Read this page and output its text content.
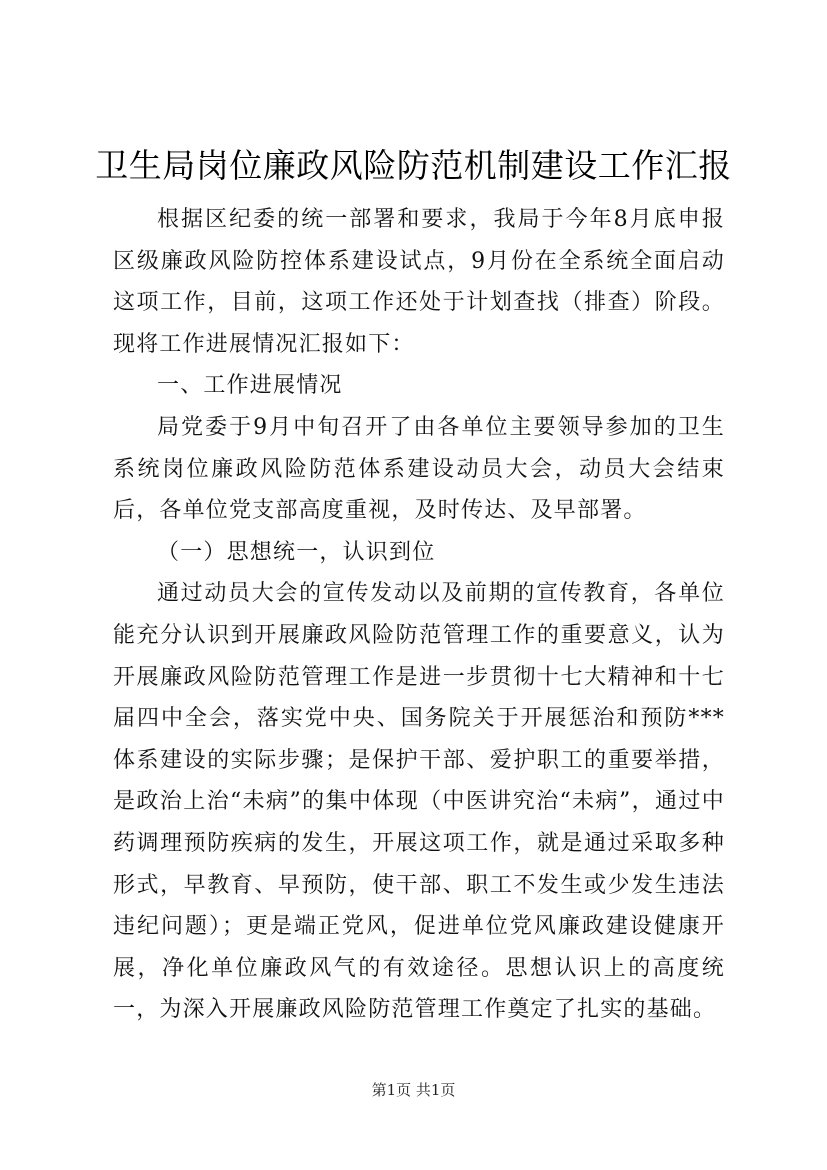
卫生局岗位廉政风险防范机制建设工作汇报

根据区纪委的统一部署和要求，我局于今年8月底申报区级廉政风险防控体系建设试点，9月份在全系统全面启动这项工作，目前，这项工作还处于计划查找（排查）阶段。现将工作进展情况汇报如下：

一、工作进展情况

局党委于9月中旬召开了由各单位主要领导参加的卫生系统岗位廉政风险防范体系建设动员大会，动员大会结束后，各单位党支部高度重视，及时传达、及早部署。

（一）思想统一，认识到位

通过动员大会的宣传发动以及前期的宣传教育，各单位能充分认识到开展廉政风险防范管理工作的重要意义，认为开展廉政风险防范管理工作是进一步贯彻十七大精神和十七届四中全会，落实党中央、国务院关于开展惩治和预防***体系建设的实际步骤；是保护干部、爱护职工的重要举措，是政治上治“未病”的集中体现（中医讲究治“未病”，通过中药调理预防疾病的发生，开展这项工作，就是通过采取多种形式，早教育、早预防，使干部、职工不发生或少发生违法违纪问题）；更是端正党风，促进单位党风廉政建设健康开展，净化单位廉政风气的有效途径。思想认识上的高度统一，为深入开展廉政风险防范管理工作奠定了扎实的基础。

第1页 共1页
